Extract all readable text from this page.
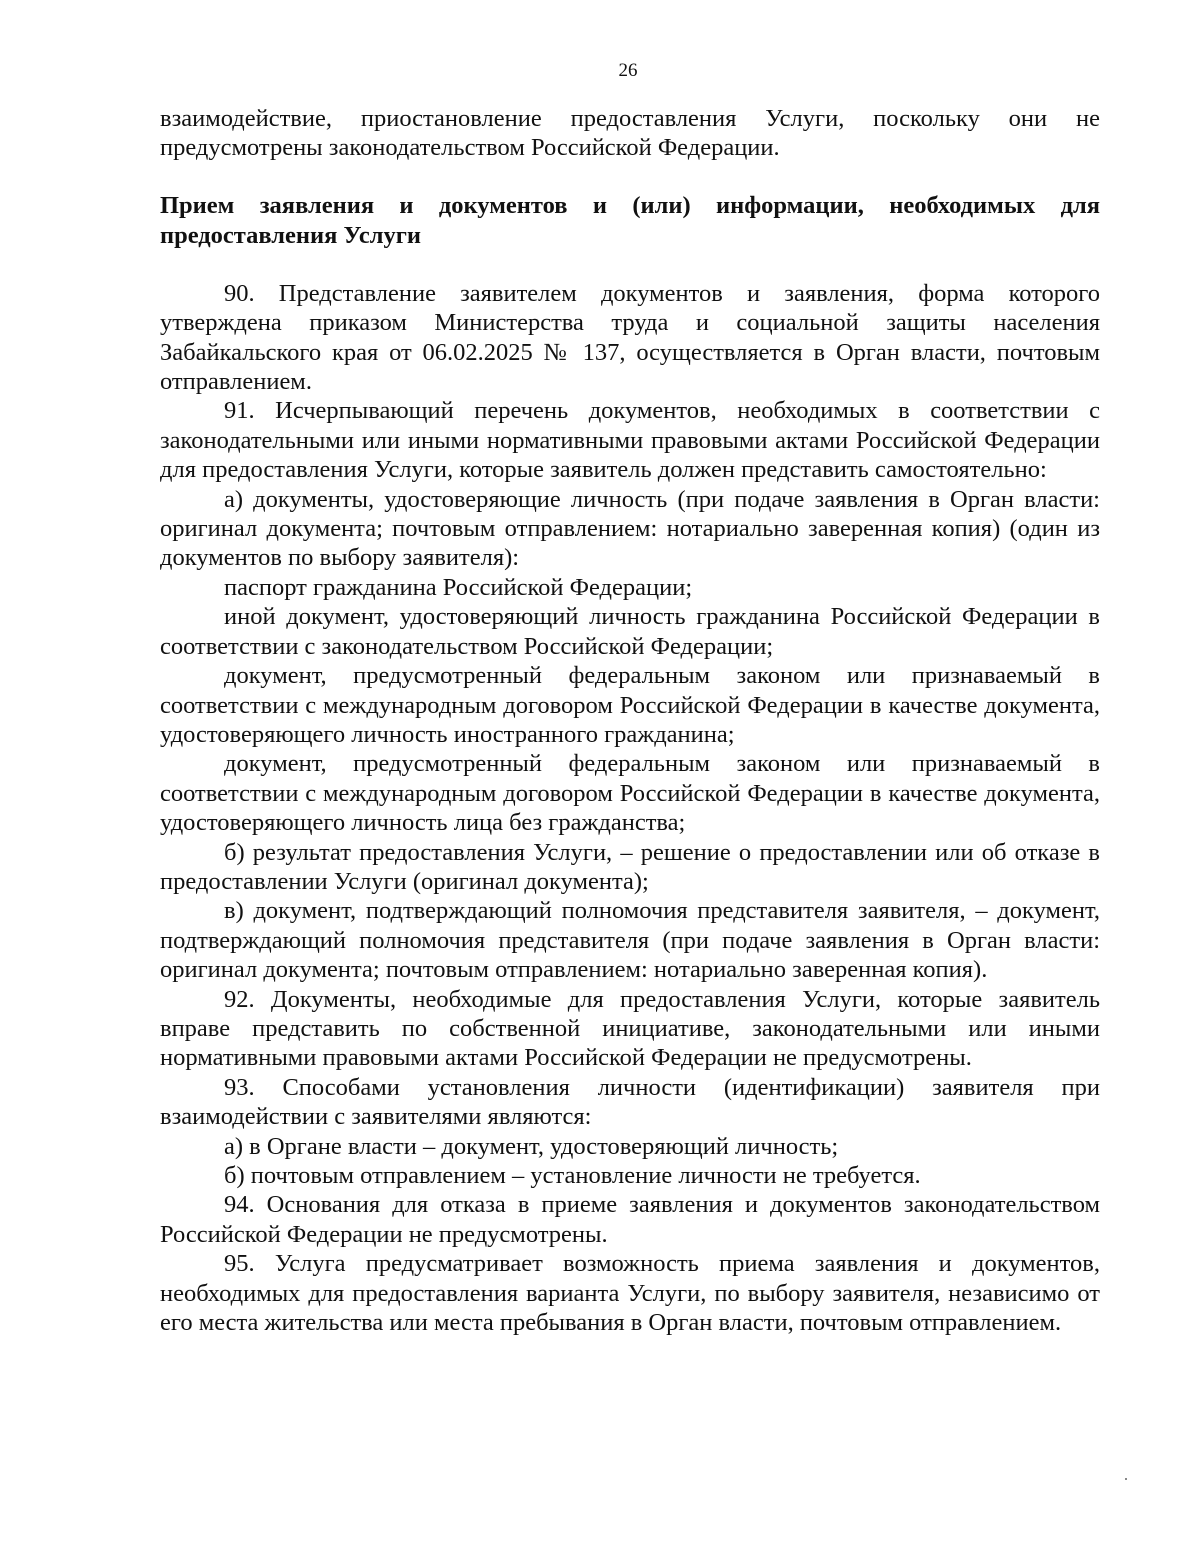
26

взаимодействие, приостановление предоставления Услуги, поскольку они не предусмотрены законодательством Российской Федерации.

Прием заявления и документов и (или) информации, необходимых для предоставления Услуги

90. Представление заявителем документов и заявления, форма которого утверждена приказом Министерства труда и социальной защиты населения Забайкальского края от 06.02.2025 № 137, осуществляется в Орган власти, почтовым отправлением.

91. Исчерпывающий перечень документов, необходимых в соответствии с законодательными или иными нормативными правовыми актами Российской Федерации для предоставления Услуги, которые заявитель должен представить самостоятельно:

а) документы, удостоверяющие личность (при подаче заявления в Орган власти: оригинал документа; почтовым отправлением: нотариально заверенная копия) (один из документов по выбору заявителя):

паспорт гражданина Российской Федерации;

иной документ, удостоверяющий личность гражданина Российской Федерации в соответствии с законодательством Российской Федерации;

документ, предусмотренный федеральным законом или признаваемый в соответствии с международным договором Российской Федерации в качестве документа, удостоверяющего личность иностранного гражданина;

документ, предусмотренный федеральным законом или признаваемый в соответствии с международным договором Российской Федерации в качестве документа, удостоверяющего личность лица без гражданства;

б) результат предоставления Услуги, – решение о предоставлении или об отказе в предоставлении Услуги (оригинал документа);

в) документ, подтверждающий полномочия представителя заявителя, – документ, подтверждающий полномочия представителя (при подаче заявления в Орган власти: оригинал документа; почтовым отправлением: нотариально заверенная копия).

92. Документы, необходимые для предоставления Услуги, которые заявитель вправе представить по собственной инициативе, законодательными или иными нормативными правовыми актами Российской Федерации не предусмотрены.

93. Способами установления личности (идентификации) заявителя при взаимодействии с заявителями являются:

а) в Органе власти – документ, удостоверяющий личность;

б) почтовым отправлением – установление личности не требуется.

94. Основания для отказа в приеме заявления и документов законодательством Российской Федерации не предусмотрены.

95. Услуга предусматривает возможность приема заявления и документов, необходимых для предоставления варианта Услуги, по выбору заявителя, независимо от его места жительства или места пребывания в Орган власти, почтовым отправлением.
